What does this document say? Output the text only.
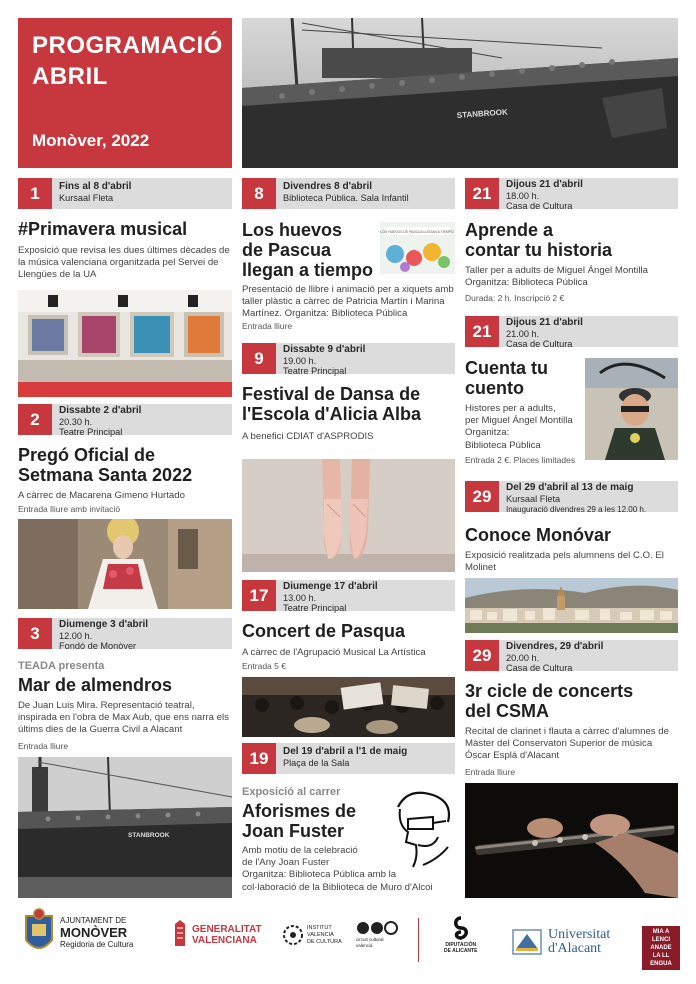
PROGRAMACIÓ
ABRIL
Monòver, 2022
STANBROOK
1	Fins al 8 d'abril
Kursaal Fleta
#Primavera musical
Exposició que revisa les dues últimes dècades de la música valenciana organitzada pel Servei de Llengües de la UA
2	Dissabte 2 d'abril
20.30 h.
Teatre Principal
Pregó Oficial de
Setmana Santa 2022
A càrrec de Macarena Gimeno Hurtado
Entrada lliure amb invitació
3	Diumenge 3 d'abril
12.00 h.
Fondó de Monòver
TEADA presenta
Mar de almendros
De Juan Luis Mira. Representació teatral, inspirada en l'obra de Max Aub, que ens narra els últims dies de la Guerra Civil a Alacant
Entrada lliure
STANBROOK
8	Divendres 8 d'abril
Biblioteca Pública. Sala Infantil
Los huevos
de Pascua
llegan a tiempo
LOS HUEVOS DE PASCUA LLEGAN A TIEMPO
Presentació de llibre i animació per a xiquets amb taller plàstic a càrrec de Patricia Martín i Marina Martínez. Organitza: Biblioteca Pública
Entrada lliure
9	Dissabte 9 d'abril
19.00 h.
Teatre Principal
Festival de Dansa de
l'Escola d'Alicia Alba
A benefici CDIAT d'ASPRODIS
17	Diumenge 17 d'abril
13.00 h.
Teatre Principal
Concert de Pasqua
A càrrec de l'Agrupació Musical La Artística
Entrada 5 €
19	Del 19 d'abril a l'1 de maig
Plaça de la Sala
Exposició al carrer
Aforismes de
Joan Fuster
Amb motiu de la celebració
de l'Any Joan Fuster
Organitza: Biblioteca Pública amb la
col·laboració de la Biblioteca de Muro d'Alcoi
21	Dijous 21 d'abril
18.00 h.
Casa de Cultura
Aprende a
contar tu historia
Taller per a adults de Miguel Ángel Montilla Organitza: Biblioteca Pública
Durada: 2 h. Inscripció 2 €
21	Dijous 21 d'abril
21.00 h.
Casa de Cultura
Cuenta tu
cuento
Histores per a adults,
per Miguel Ángel Montilla
Organitza:
Biblioteca Pública
Entrada 2 €. Places limitades
29	Del 29 d'abril al 13 de maig
Kursaal Fleta
Inauguració divendres 29 a les 12.00 h.
Conoce Monóvar
Exposició realitzada pels alumnens del C.O. El Molinet
29	Divendres, 29 d'abril
20.00 h.
Casa de Cultura
3r cicle de concerts
del CSMA
Recital de clarinet i flauta a càrrec d'alumnes de Màster del Conservatori Superior de música Óscar Esplá d'Alacant
Entrada lliure
AJUNTAMENT DE
MONÒVER
Regidoria de Cultura
GENERALITAT
VALENCIANA
INSTITUT
VALENCIÀ
DE CULTURA	circuit cultural
valencià	DIPUTACIÓN
DE ALICANTE
Universitat
d'Alacant
MIA A
LENCI
ANADE
LA LL
ENGUA
